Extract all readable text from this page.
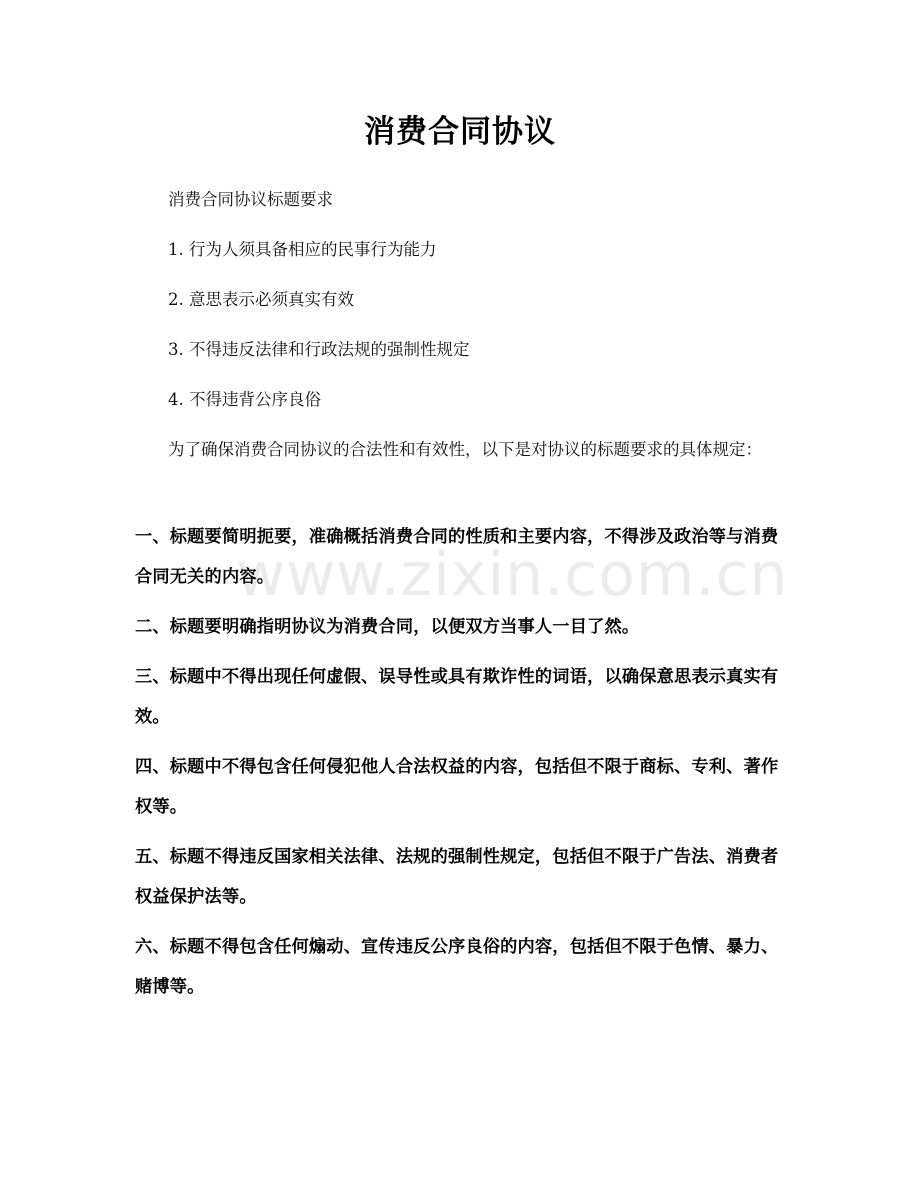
消费合同协议
消费合同协议标题要求
1. 行为人须具备相应的民事行为能力
2. 意思表示必须真实有效
3. 不得违反法律和行政法规的强制性规定
4. 不得违背公序良俗
为了确保消费合同协议的合法性和有效性，以下是对协议的标题要求的具体规定：
一、标题要简明扼要，准确概括消费合同的性质和主要内容，不得涉及政治等与消费合同无关的内容。
二、标题要明确指明协议为消费合同，以便双方当事人一目了然。
三、标题中不得出现任何虚假、误导性或具有欺诈性的词语，以确保意思表示真实有效。
四、标题中不得包含任何侵犯他人合法权益的内容，包括但不限于商标、专利、著作权等。
五、标题不得违反国家相关法律、法规的强制性规定，包括但不限于广告法、消费者权益保护法等。
六、标题不得包含任何煽动、宣传违反公序良俗的内容，包括但不限于色情、暴力、赌博等。
www.zixin.com.cn
